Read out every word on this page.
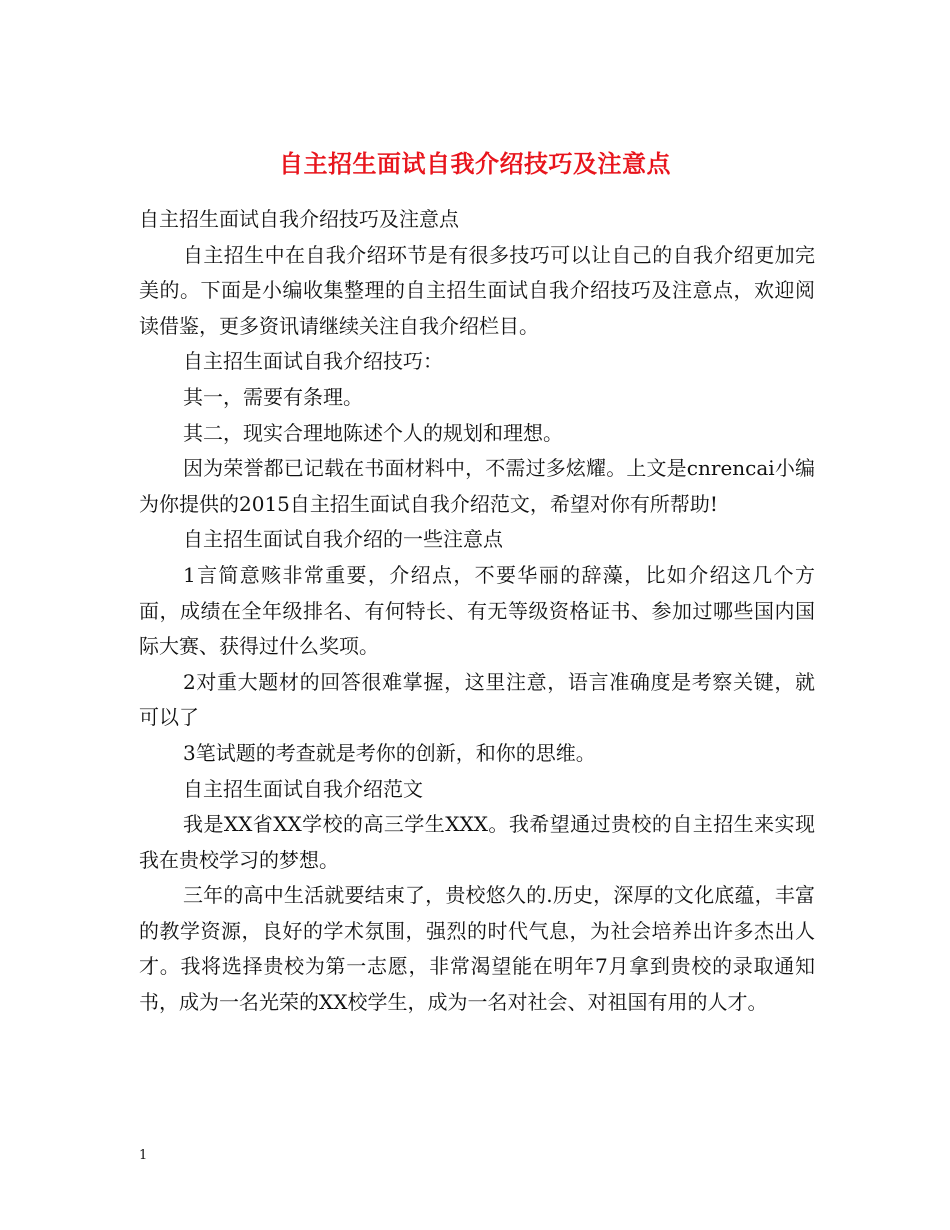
自主招生面试自我介绍技巧及注意点

自主招生面试自我介绍技巧及注意点

自主招生中在自我介绍环节是有很多技巧可以让自己的自我介绍更加完美的。下面是小编收集整理的自主招生面试自我介绍技巧及注意点，欢迎阅读借鉴，更多资讯请继续关注自我介绍栏目。

自主招生面试自我介绍技巧：

其一，需要有条理。

其二，现实合理地陈述个人的规划和理想。

因为荣誉都已记载在书面材料中，不需过多炫耀。上文是cnrencai小编为你提供的2015自主招生面试自我介绍范文，希望对你有所帮助!

自主招生面试自我介绍的一些注意点

1言简意赅非常重要，介绍点，不要华丽的辞藻，比如介绍这几个方面，成绩在全年级排名、有何特长、有无等级资格证书、参加过哪些国内国际大赛、获得过什么奖项。

2对重大题材的回答很难掌握，这里注意，语言准确度是考察关键，就可以了

3笔试题的考查就是考你的创新，和你的思维。

自主招生面试自我介绍范文

我是XX省XX学校的高三学生XXX。我希望通过贵校的自主招生来实现我在贵校学习的梦想。

三年的高中生活就要结束了，贵校悠久的.历史，深厚的文化底蕴，丰富的教学资源，良好的学术氛围，强烈的时代气息，为社会培养出许多杰出人才。我将选择贵校为第一志愿，非常渴望能在明年7月拿到贵校的录取通知书，成为一名光荣的XX校学生，成为一名对社会、对祖国有用的人才。

1
